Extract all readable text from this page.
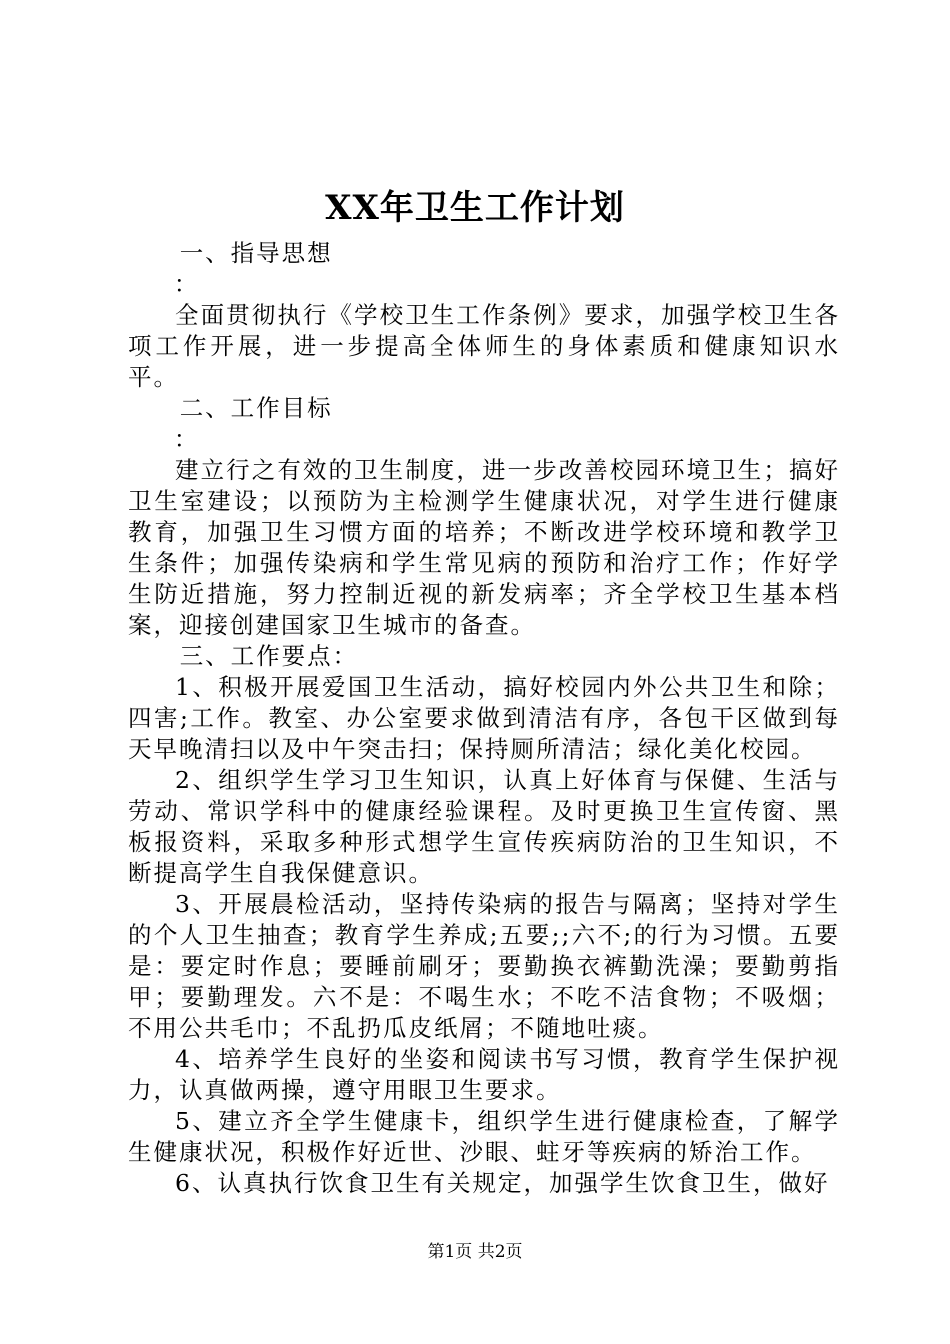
XX年卫生工作计划

一、指导思想

：

全面贯彻执行《学校卫生工作条例》要求，加强学校卫生各项工作开展，进一步提高全体师生的身体素质和健康知识水平。

二、工作目标

：

建立行之有效的卫生制度，进一步改善校园环境卫生；搞好卫生室建设；以预防为主检测学生健康状况，对学生进行健康教育，加强卫生习惯方面的培养；不断改进学校环境和教学卫生条件；加强传染病和学生常见病的预防和治疗工作；作好学生防近措施，努力控制近视的新发病率；齐全学校卫生基本档案，迎接创建国家卫生城市的备查。

三、工作要点：

1、积极开展爱国卫生活动，搞好校园内外公共卫生和除；四害;工作。教室、办公室要求做到清洁有序，各包干区做到每天早晚清扫以及中午突击扫；保持厕所清洁；绿化美化校园。

2、组织学生学习卫生知识，认真上好体育与保健、生活与劳动、常识学科中的健康经验课程。及时更换卫生宣传窗、黑板报资料，采取多种形式想学生宣传疾病防治的卫生知识，不断提高学生自我保健意识。

3、开展晨检活动，坚持传染病的报告与隔离；坚持对学生的个人卫生抽查；教育学生养成;五要;;六不;的行为习惯。五要是：要定时作息；要睡前刷牙；要勤换衣裤勤洗澡；要勤剪指甲；要勤理发。六不是：不喝生水；不吃不洁食物；不吸烟；不用公共毛巾；不乱扔瓜皮纸屑；不随地吐痰。

4、培养学生良好的坐姿和阅读书写习惯，教育学生保护视力，认真做两操，遵守用眼卫生要求。

5、建立齐全学生健康卡，组织学生进行健康检查，了解学生健康状况，积极作好近世、沙眼、蛀牙等疾病的矫治工作。

6、认真执行饮食卫生有关规定，加强学生饮食卫生，做好

第1页 共2页
